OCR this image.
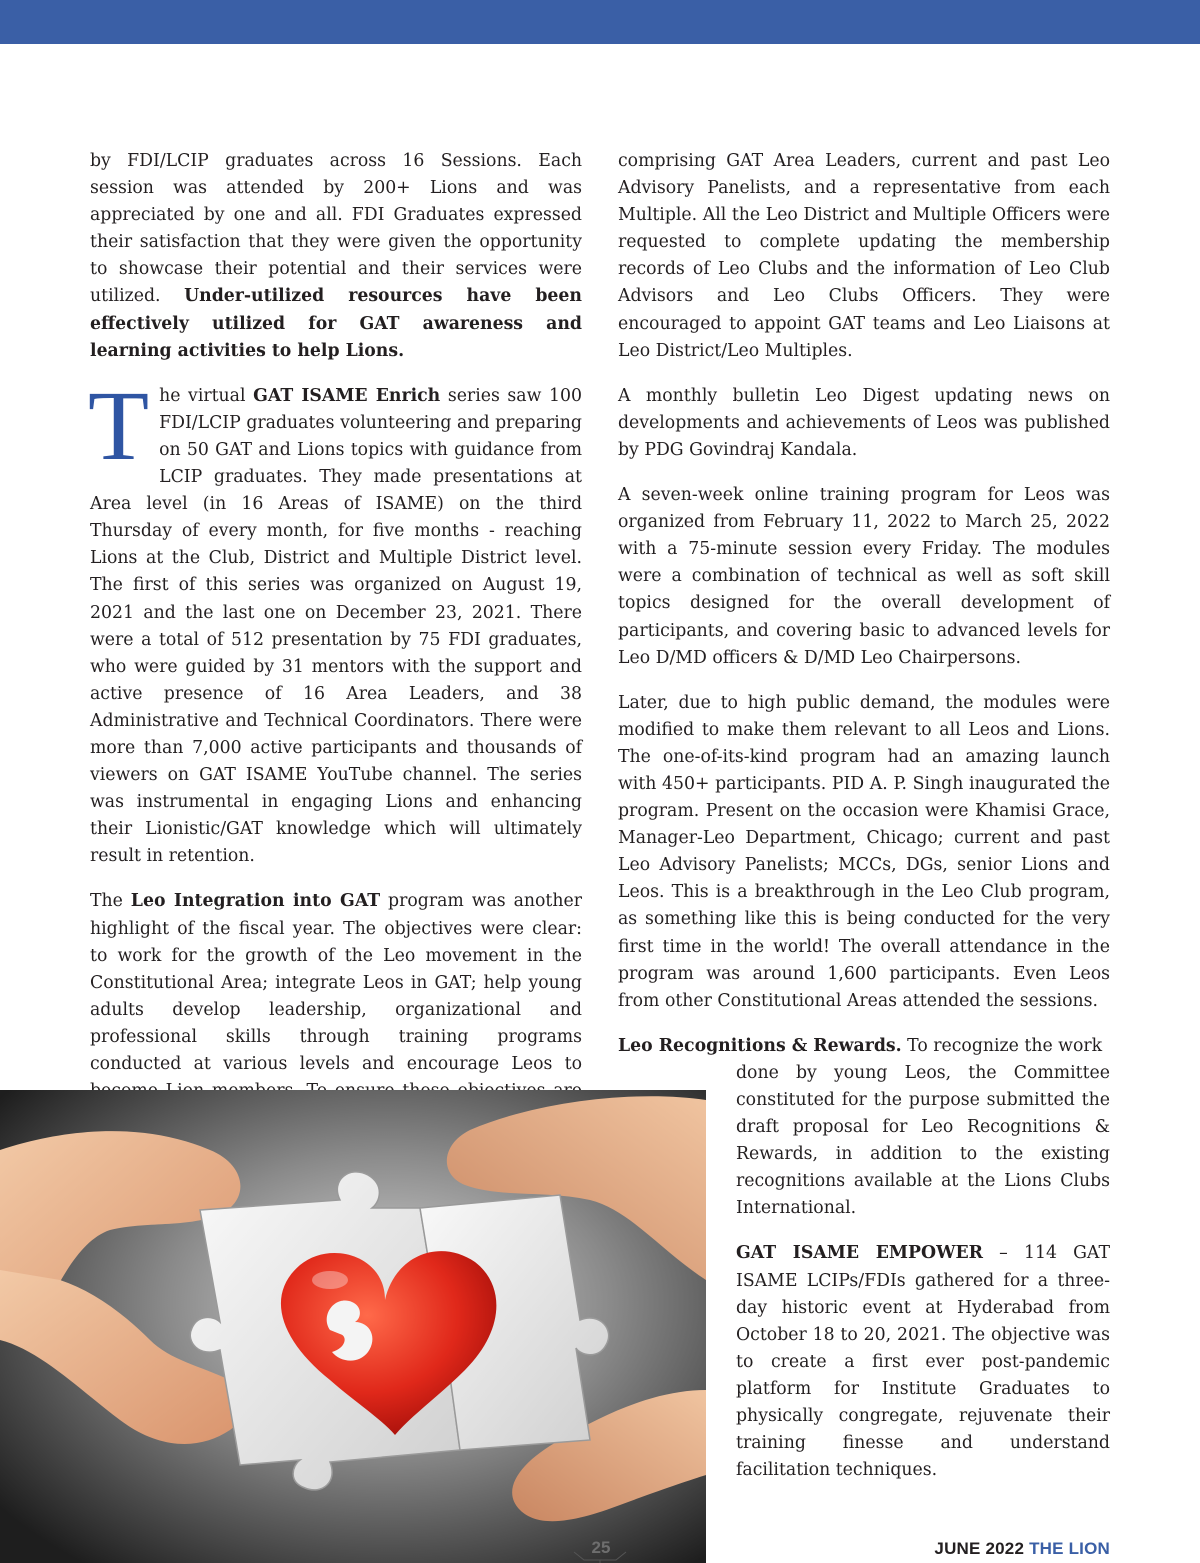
by FDI/LCIP graduates across 16 Sessions. Each session was attended by 200+ Lions and was appreciated by one and all. FDI Graduates expressed their satisfaction that they were given the opportunity to showcase their potential and their services were utilized. Under-utilized resources have been effectively utilized for GAT awareness and learning activities to help Lions.

The virtual GAT ISAME Enrich series saw 100 FDI/LCIP graduates volunteering and preparing on 50 GAT and Lions topics with guidance from LCIP graduates. They made presentations at Area level (in 16 Areas of ISAME) on the third Thursday of every month, for five months - reaching Lions at the Club, District and Multiple District level. The first of this series was organized on August 19, 2021 and the last one on December 23, 2021. There were a total of 512 presentation by 75 FDI graduates, who were guided by 31 mentors with the support and active presence of 16 Area Leaders, and 38 Administrative and Technical Coordinators. There were more than 7,000 active participants and thousands of viewers on GAT ISAME YouTube channel. The series was instrumental in engaging Lions and enhancing their Lionistic/GAT knowledge which will ultimately result in retention.

The Leo Integration into GAT program was another highlight of the fiscal year. The objectives were clear: to work for the growth of the Leo movement in the Constitutional Area; integrate Leos in GAT; help young adults develop leadership, organizational and professional skills through training programs conducted at various levels and encourage Leos to

comprising GAT Area Leaders, current and past Leo Advisory Panelists, and a representative from each Multiple. All the Leo District and Multiple Officers were requested to complete updating the membership records of Leo Clubs and the information of Leo Club Advisors and Leo Clubs Officers. They were encouraged to appoint GAT teams and Leo Liaisons at Leo District/Leo Multiples.

A monthly bulletin Leo Digest updating news on developments and achievements of Leos was published by PDG Govindraj Kandala.

A seven-week online training program for Leos was organized from February 11, 2022 to March 25, 2022 with a 75-minute session every Friday. The modules were a combination of technical as well as soft skill topics designed for the overall development of participants, and covering basic to advanced levels for Leo D/MD officers & D/MD Leo Chairpersons.

Later, due to high public demand, the modules were modified to make them relevant to all Leos and Lions. The one-of-its-kind program had an amazing launch with 450+ participants. PID A. P. Singh inaugurated the program. Present on the occasion were Khamisi Grace, Manager-Leo Department, Chicago; current and past Leo Advisory Panelists; MCCs, DGs, senior Lions and Leos. This is a breakthrough in the Leo Club program, as something like this is being conducted for the very first time in the world! The overall attendance in the program was around 1,600 participants. Even Leos from other Constitutional Areas attended the sessions.

Leo Recognitions & Rewards. To recognize the work

done by young Leos, the Committee constituted for the purpose submitted the draft proposal for Leo Recognitions & Rewards, in addition to the existing recognitions available at the Lions Clubs International.

GAT ISAME EMPOWER – 114 GAT ISAME LCIPs/FDIs gathered for a three-day historic event at Hyderabad from October 18 to 20, 2021. The objective was to create a first ever post-pandemic platform for Institute Graduates to physically congregate, rejuvenate their training finesse and understand facilitation techniques.

25	JUNE 2022 THE LION
